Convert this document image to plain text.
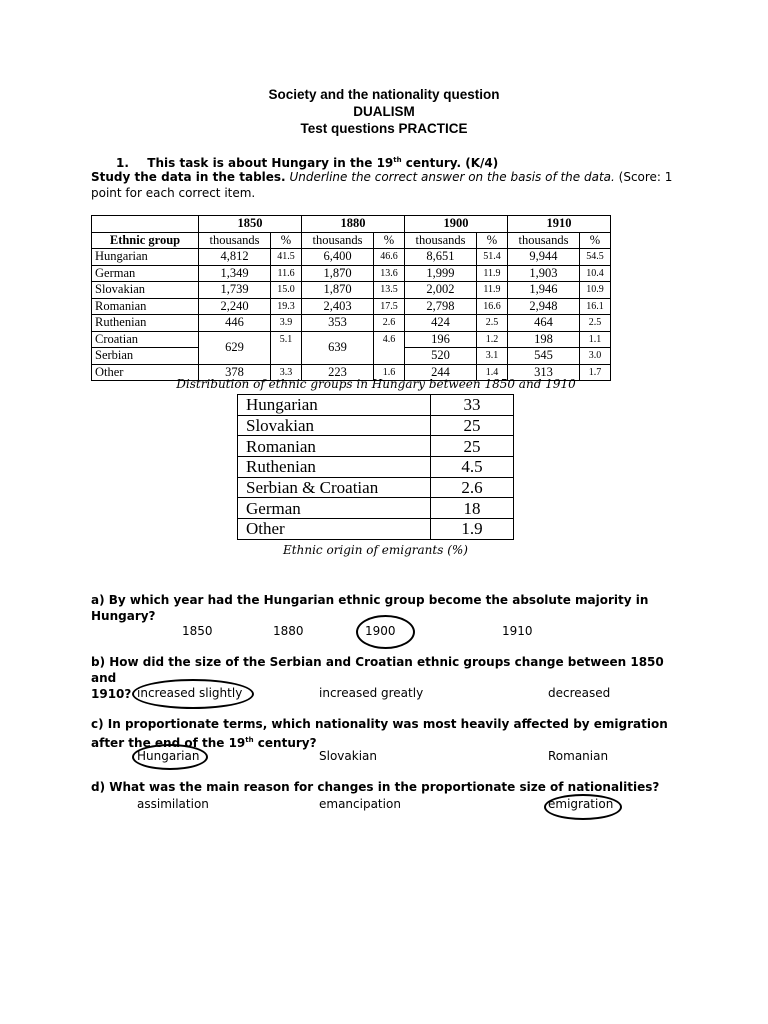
Society and the nationality question
DUALISM
Test questions PRACTICE
1. This task is about Hungary in the 19th century. (K/4)
Study the data in the tables. Underline the correct answer on the basis of the data. (Score: 1
point for each correct item.
	1850		1880		1900		1910	
Ethnic group	thousands	%	thousands	%	thousands	%	thousands	%
Hungarian	4,812	41.5	6,400	46.6	8,651	51.4	9,944	54.5
German	1,349	11.6	1,870	13.6	1,999	11.9	1,903	10.4
Slovakian	1,739	15.0	1,870	13.5	2,002	11.9	1,946	10.9
Romanian	2,240	19.3	2,403	17.5	2,798	16.6	2,948	16.1
Ruthenian	446	3.9	353	2.6	424	2.5	464	2.5
Croatian	629	5.1	639	4.6	196	1.2	198	1.1
Serbian					520	3.1	545	3.0
Other	378	3.3	223	1.6	244	1.4	313	1.7
Distribution of ethnic groups in Hungary between 1850 and 1910
Hungarian	33
Slovakian	25
Romanian	25
Ruthenian	4.5
Serbian & Croatian	2.6
German	18
Other	1.9
Ethnic origin of emigrants (%)
a) By which year had the Hungarian ethnic group become the absolute majority in
Hungary?
1850	1880	1900	1910
b) How did the size of the Serbian and Croatian ethnic groups change between 1850 and
1910? increased slightly	increased greatly	decreased
c) In proportionate terms, which nationality was most heavily affected by emigration
after the end of the 19th century?
Hungarian	Slovakian	Romanian
d) What was the main reason for changes in the proportionate size of nationalities?
assimilation	emancipation	emigration
